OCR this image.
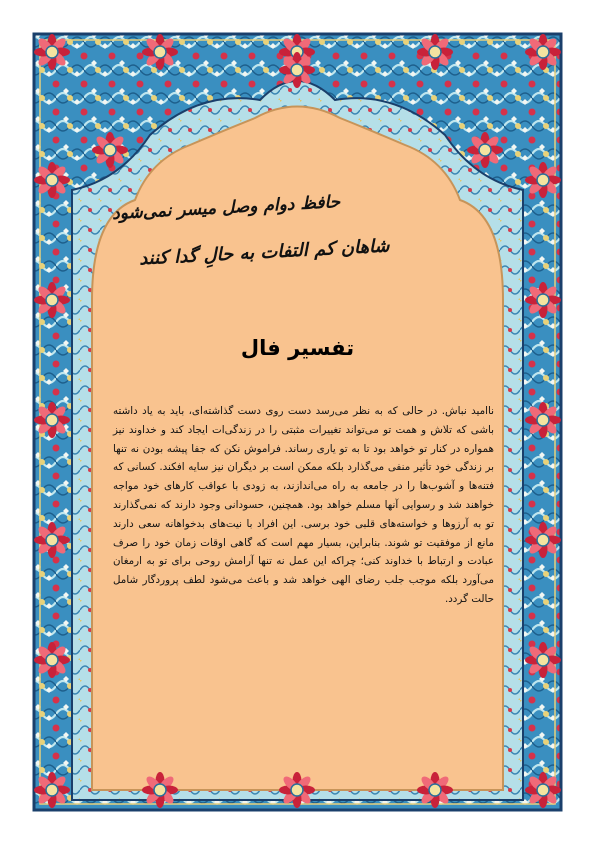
حافظ دوام وصل میسر نمی‌شود
شاهان کم التفات به حالِ گدا کنند
تفسیر فال
ناامید نباش. در حالی که به نظر می‌رسد دست روی دست گذاشته‌ای، باید به یاد داشته باشی که تلاش و همت تو می‌تواند تغییرات مثبتی را در زندگی‌ات ایجاد کند و خداوند نیز همواره در کنار تو خواهد بود تا به تو یاری رساند. فراموش نکن که جفا پیشه بودن نه تنها بر زندگی خود تأثیر منفی می‌گذارد بلکه ممکن است بر دیگران نیز سایه افکند. کسانی که فتنه‌ها و آشوب‌ها را در جامعه به راه می‌اندازند، به زودی با عواقب کارهای خود مواجه خواهند شد و رسوایی آنها مسلم خواهد بود. همچنین، حسودانی وجود دارند که نمی‌گذارند تو به آرزوها و خواسته‌های قلبی خود برسی. این افراد با نیت‌های بدخواهانه سعی دارند مانع از موفقیت تو شوند. بنابراین، بسیار مهم است که گاهی اوقات زمان خود را صرف عبادت و ارتباط با خداوند کنی؛ چراکه این عمل نه تنها آرامش روحی برای تو به ارمغان می‌آورد بلکه موجب جلب رضای الهی خواهد شد و باعث می‌شود لطف پروردگار شامل حالت گردد.
